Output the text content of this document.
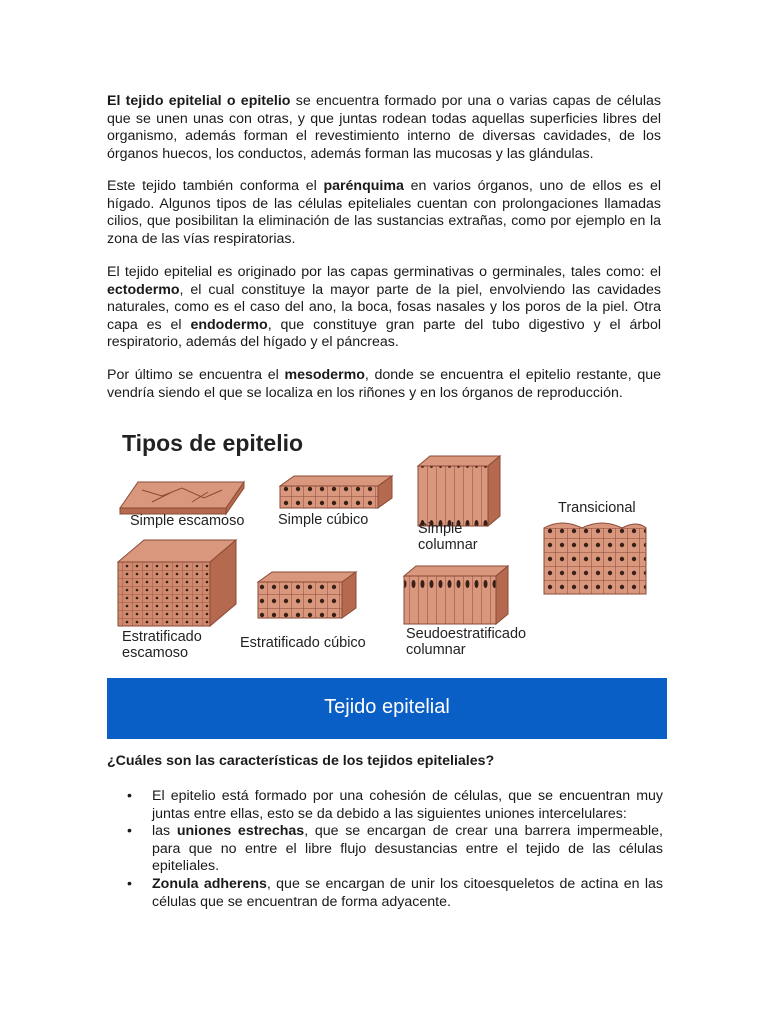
El tejido epitelial o epitelio se encuentra formado por una o varias capas de células que se unen unas con otras, y que juntas rodean todas aquellas superficies libres del organismo, además forman el revestimiento interno de diversas cavidades, de los órganos huecos, los conductos, además forman las mucosas y las glándulas.

Este tejido también conforma el parénquima en varios órganos, uno de ellos es el hígado. Algunos tipos de las células epiteliales cuentan con prolongaciones llamadas cilios, que posibilitan la eliminación de las sustancias extrañas, como por ejemplo en la zona de las vías respiratorias.

El tejido epitelial es originado por las capas germinativas o germinales, tales como: el ectodermo, el cual constituye la mayor parte de la piel, envolviendo las cavidades naturales, como es el caso del ano, la boca, fosas nasales y los poros de la piel. Otra capa es el endodermo, que constituye gran parte del tubo digestivo y el árbol respiratorio, además del hígado y el páncreas.

Por último se encuentra el mesodermo, donde se encuentra el epitelio restante, que vendría siendo el que se localiza en los riñones y en los órganos de reproducción.

Tipos de epitelio
Simple escamoso Simple cúbico
Simple
columnar
Transicional
Estratificado
escamoso
Estratificado cúbico
Seudoestratificado
columnar
Tejido epitelial

¿Cuáles son las características de los tejidos epiteliales?

• El epitelio está formado por una cohesión de células, que se encuentran muy juntas entre ellas, esto se da debido a las siguientes uniones intercelulares:
• las uniones estrechas, que se encargan de crear una barrera impermeable, para que no entre el libre flujo desustancias entre el tejido de las células epiteliales.
• Zonula adherens, que se encargan de unir los citoesqueletos de actina en las células que se encuentran de forma adyacente.
